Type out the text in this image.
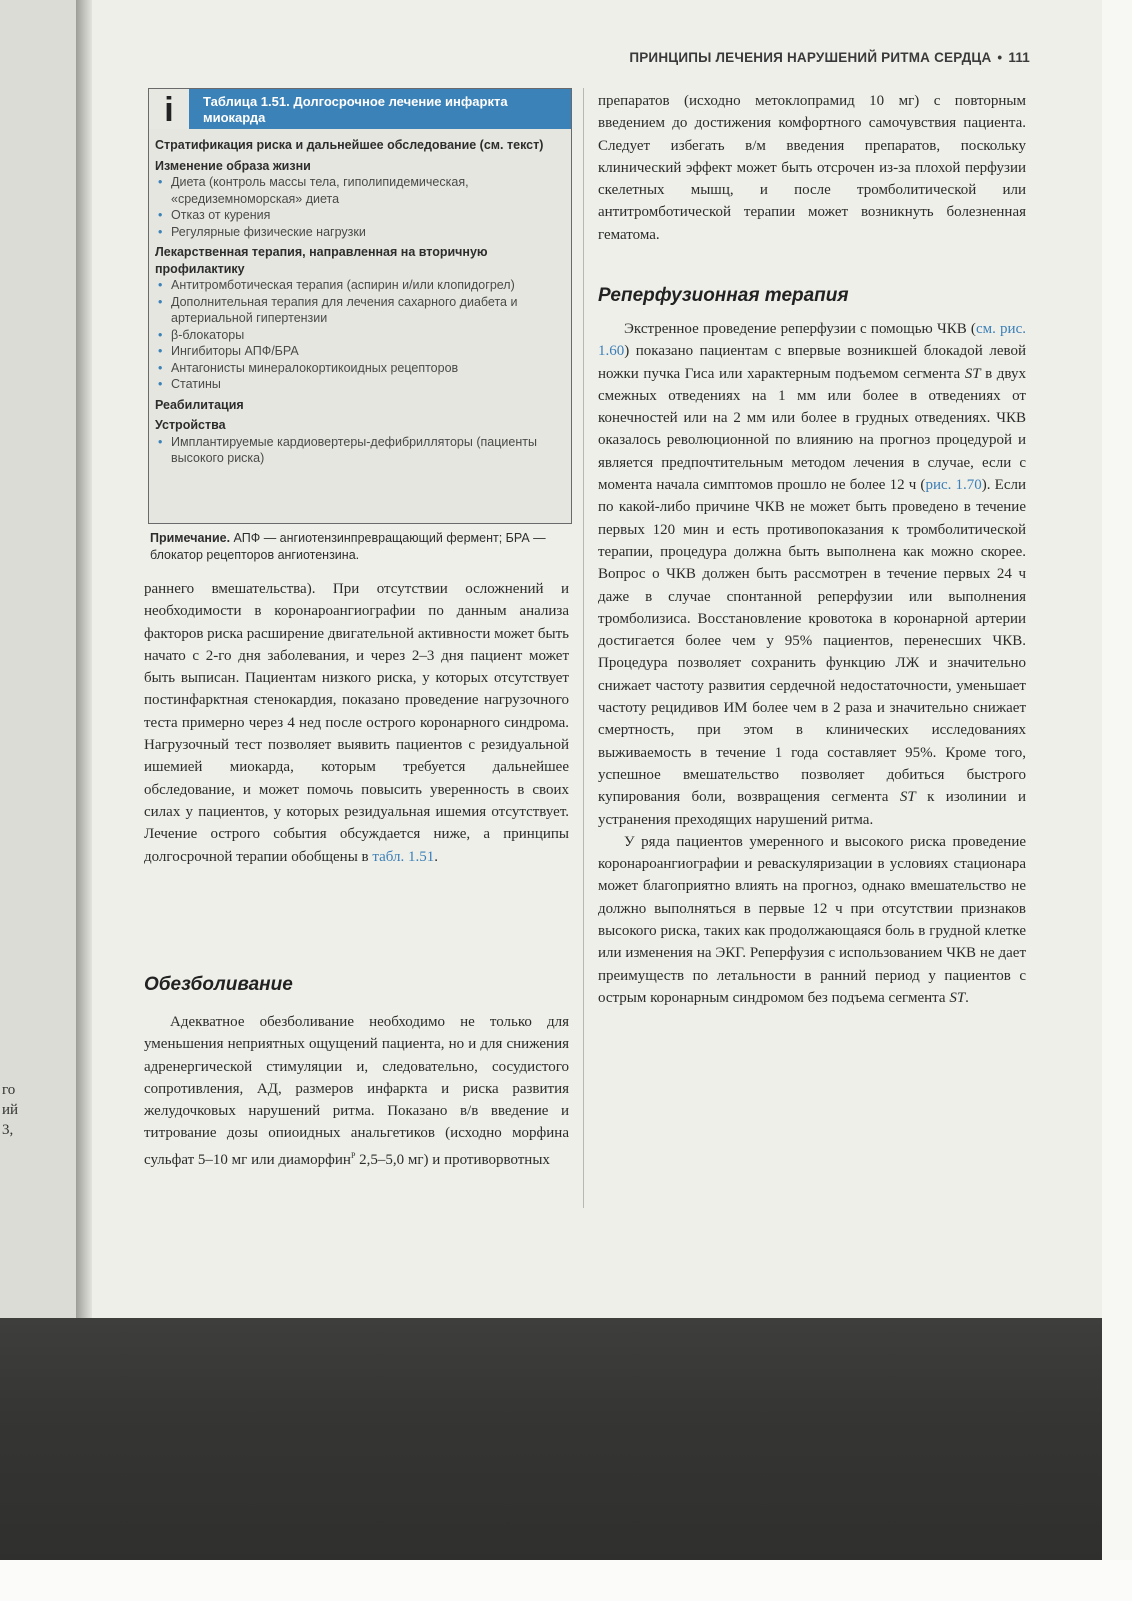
го
ий
3,
ПРИНЦИПЫ ЛЕЧЕНИЯ НАРУШЕНИЙ РИТМА СЕРДЦА • 111
i	Таблица 1.51. Долгосрочное лечение инфаркта миокарда
Стратификация риска и дальнейшее обследование (см. текст)
Изменение образа жизни
• Диета (контроль массы тела, гиполипидемическая, «средиземноморская» диета
• Отказ от курения
• Регулярные физические нагрузки
Лекарственная терапия, направленная на вторичную профилактику
• Антитромботическая терапия (аспирин и/или клопидогрел)
• Дополнительная терапия для лечения сахарного диабета и артериальной гипертензии
• β-блокаторы
• Ингибиторы АПФ/БРА
• Антагонисты минералокортикоидных рецепторов
• Статины
Реабилитация
Устройства
• Имплантируемые кардиовертеры-дефибрилляторы (пациенты высокого риска)
Примечание. АПФ — ангиотензинпревращающий фермент; БРА — блокатор рецепторов ангиотензина.

раннего вмешательства). При отсутствии осложнений и необходимости в коронароангиографии по данным анализа факторов риска расширение двигательной активности может быть начато с 2-го дня заболевания, и через 2–3 дня пациент может быть выписан. Пациентам низкого риска, у которых отсутствует постинфарктная стенокардия, показано проведение нагрузочного теста примерно через 4 нед после острого коронарного синдрома. Нагрузочный тест позволяет выявить пациентов с резидуальной ишемией миокарда, которым требуется дальнейшее обследование, и может помочь повысить уверенность в своих силах у пациентов, у которых резидуальная ишемия отсутствует. Лечение острого события обсуждается ниже, а принципы долгосрочной терапии обобщены в табл. 1.51.

Обезболивание

Адекватное обезболивание необходимо не только для уменьшения неприятных ощущений пациента, но и для снижения адренергической стимуляции и, следовательно, сосудистого сопротивления, АД, размеров инфаркта и риска развития желудочковых нарушений ритма. Показано в/в введение и титрование дозы опиоидных анальгетиков (исходно морфина сульфат 5–10 мг или диаморфин$^Р$ 2,5–5,0 мг) и противорвотных

препаратов (исходно метоклопрамид 10 мг) с повторным введением до достижения комфортного самочувствия пациента. Следует избегать в/м введения препаратов, поскольку клинический эффект может быть отсрочен из-за плохой перфузии скелетных мышц, и после тромболитической или антитромботической терапии может возникнуть болезненная гематома.

Реперфузионная терапия

Экстренное проведение реперфузии с помощью ЧКВ (см. рис. 1.60) показано пациентам с впервые возникшей блокадой левой ножки пучка Гиса или характерным подъемом сегмента ST в двух смежных отведениях на 1 мм или более в отведениях от конечностей или на 2 мм или более в грудных отведениях. ЧКВ оказалось революционной по влиянию на прогноз процедурой и является предпочтительным методом лечения в случае, если с момента начала симптомов прошло не более 12 ч (рис. 1.70). Если по какой-либо причине ЧКВ не может быть проведено в течение первых 120 мин и есть противопоказания к тромболитической терапии, процедура должна быть выполнена как можно скорее. Вопрос о ЧКВ должен быть рассмотрен в течение первых 24 ч даже в случае спонтанной реперфузии или выполнения тромболизиса. Восстановление кровотока в коронарной артерии достигается более чем у 95% пациентов, перенесших ЧКВ. Процедура позволяет сохранить функцию ЛЖ и значительно снижает частоту развития сердечной недостаточности, уменьшает частоту рецидивов ИМ более чем в 2 раза и значительно снижает смертность, при этом в клинических исследованиях выживаемость в течение 1 года составляет 95%. Кроме того, успешное вмешательство позволяет добиться быстрого купирования боли, возвращения сегмента ST к изолинии и устранения преходящих нарушений ритма.

У ряда пациентов умеренного и высокого риска проведение коронароангиографии и реваскуляризации в условиях стационара может благоприятно влиять на прогноз, однако вмешательство не должно выполняться в первые 12 ч при отсутствии признаков высокого риска, таких как продолжающаяся боль в грудной клетке или изменения на ЭКГ. Реперфузия с использованием ЧКВ не дает преимуществ по летальности в ранний период у пациентов с острым коронарным синдромом без подъема сегмента ST.
